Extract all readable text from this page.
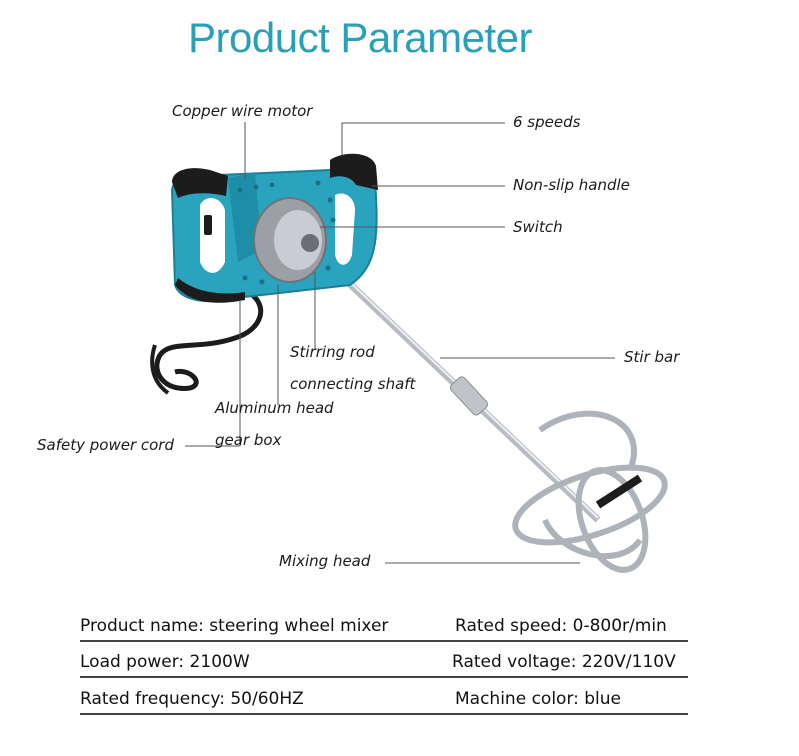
Product Parameter
Copper wire motor
6 speeds
Non-slip handle
Switch
Stirring rod
connecting shaft
Stir bar
Aluminum head
gear box
Safety power cord
Mixing head
Product name: steering wheel mixer	Rated speed: 0-800r/min
Load power: 2100W	Rated voltage: 220V/110V
Rated frequency: 50/60HZ	Machine color: blue
